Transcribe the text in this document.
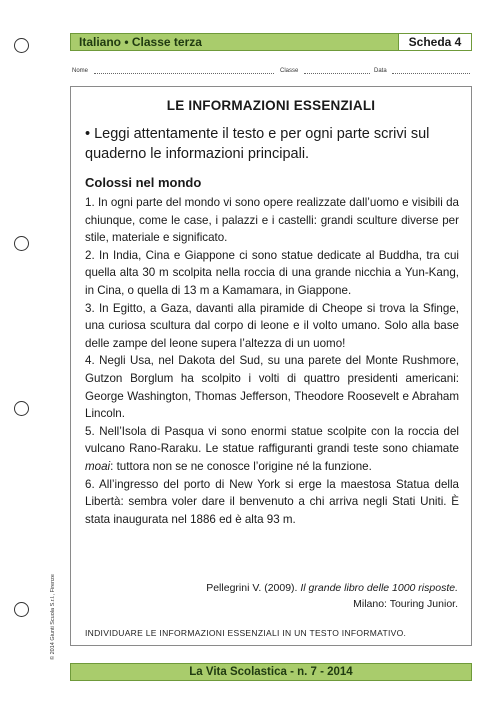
Italiano • Classe terza	Scheda 4
Nome	Classe	Data
LE INFORMAZIONI ESSENZIALI
• Leggi attentamente il testo e per ogni parte scrivi sul quaderno le informazioni principali.
Colossi nel mondo

1. In ogni parte del mondo vi sono opere realizzate dall’uomo e visibili da chiunque, come le case, i palazzi e i castelli: grandi sculture diverse per stile, materiale e significato.

2. In India, Cina e Giappone ci sono statue dedicate al Buddha, tra cui quella alta 30 m scolpita nella roccia di una grande nicchia a Yun-Kang, in Cina, o quella di 13 m a Kamamara, in Giappone.

3. In Egitto, a Gaza, davanti alla piramide di Cheope si trova la Sfinge, una curiosa scultura dal corpo di leone e il volto umano. Solo alla base delle zampe del leone supera l’altezza di un uomo!

4. Negli Usa, nel Dakota del Sud, su una parete del Monte Rushmore, Gutzon Borglum ha scolpito i volti di quattro presidenti americani: George Washington, Thomas Jefferson, Theodore Roosevelt e Abraham Lincoln.

5. Nell’Isola di Pasqua vi sono enormi statue scolpite con la roccia del vulcano Rano-Raraku. Le statue raffiguranti grandi teste sono chiamate moai: tuttora non se ne conosce l’origine né la funzione.

6. All’ingresso del porto di New York si erge la maestosa Statua della Libertà: sembra voler dare il benvenuto a chi arriva negli Stati Uniti. È stata inaugurata nel 1886 ed è alta 93 m.

Pellegrini V. (2009). Il grande libro delle 1000 risposte.
Milano: Touring Junior.
INDIVIDUARE LE INFORMAZIONI ESSENZIALI IN UN TESTO INFORMATIVO.
© 2014 Giunti Scuola S.r.l., Firenze
La Vita Scolastica - n. 7 - 2014
